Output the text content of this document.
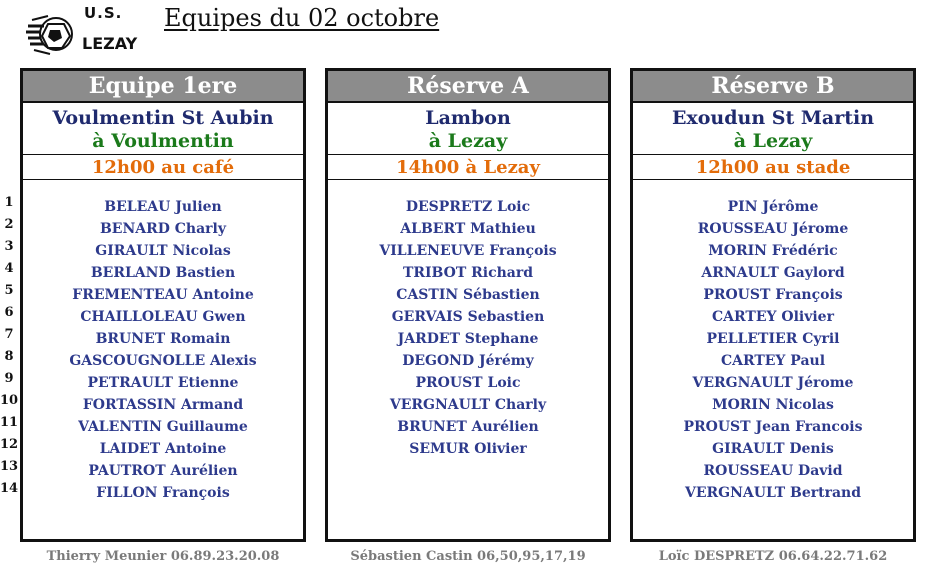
U.S.
LEZAY
Equipes du 02 octobre
1
2
3
4
5
6
7
8
9
10
11
12
13
14
Equipe 1ere
Voulmentin St Aubin
à Voulmentin
12h00 au café
BELEAU Julien
BENARD Charly
GIRAULT Nicolas
BERLAND Bastien
FREMENTEAU Antoine
CHAILLOLEAU Gwen
BRUNET Romain
GASCOUGNOLLE Alexis
PETRAULT Etienne
FORTASSIN Armand
VALENTIN Guillaume
LAIDET Antoine
PAUTROT Aurélien
FILLON François
Réserve A
Lambon
à Lezay
14h00 à Lezay
DESPRETZ Loic
ALBERT Mathieu
VILLENEUVE François
TRIBOT Richard
CASTIN Sébastien
GERVAIS Sebastien
JARDET Stephane
DEGOND Jérémy
PROUST Loic
VERGNAULT Charly
BRUNET Aurélien
SEMUR Olivier
Réserve B
Exoudun St Martin
à Lezay
12h00 au stade
PIN Jérôme
ROUSSEAU Jérome
MORIN Frédéric
ARNAULT Gaylord
PROUST François
CARTEY Olivier
PELLETIER Cyril
CARTEY Paul
VERGNAULT Jérome
MORIN Nicolas
PROUST Jean Francois
GIRAULT Denis
ROUSSEAU David
VERGNAULT Bertrand
Thierry Meunier 06.89.23.20.08	Sébastien Castin 06,50,95,17,19	Loïc DESPRETZ 06.64.22.71.62
